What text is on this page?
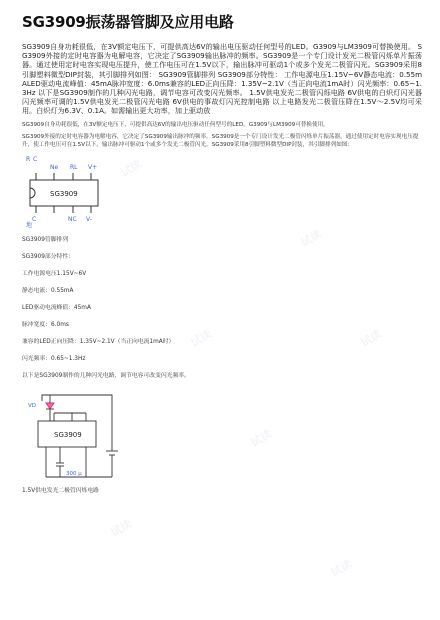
SG3909振荡器管脚及应用电路

SG3909自身功耗很低，在3V额定电压下，可提供高达6V的输出电压驱动任何型号的LED。G3909与LM3909可替换使用。 SG3909外接的定时电容器为电解电容，它决定了SG3909输出脉冲的频率。SG3909是一个专门设计发光二极管闪烁单片振荡器。通过使用定时电容实现电压提升，使工作电压可在1.5V以下，输出脉冲可驱动1个或多个发光二极管闪光。SG3909采用8引脚塑料微型DIP封装，其引脚排列如图： SG3909管脚排列 SG3909部分特性： 工作电源电压1.15V~6V静态电流：0.55mALED驱动电流峰值：45mA脉冲宽度：6.0ms兼容的LED正向压降：1.35V~2.1V（当正向电流1mA时）闪光频率：0.65~1.3Hz 以下是SG3909制作的几种闪光电路，调节电容可改变闪光频率。 1.5V供电发光二极管闪烁电路 6V供电的白炽灯闪光器 闪光频率可调的1.5V供电发光二极管闪光电路 6V供电的事故灯闪光控制电路 以上电路发光二极管压降在1.5V～2.5V均可采用。白炽灯为6.3V、0.1A。如需输出更大功率，加上驱动放

SG3909自身功耗很低，在3V额定电压下，可提供高达6V的输出电压驱动任何型号的LED。G3909与LM3909可替换使用。

SG3909外接的定时电容器为电解电容，它决定了SG3909输出脉冲的频率。SG3909是一个专门设计发光二极管闪烁单片振荡器。通过使用定时电容实现电压提升，使工作电压可在1.5V以下，输出脉冲可驱动1个或多个发光二极管闪光。SG3909采用8引脚塑料微型DIP封装，其引脚排列如图：

R C
Ne RL V+
SG3909
C
地
NC V-

SG3909管脚排列

SG3909部分特性：

工作电源电压1.15V~6V

静态电流：0.55mA

LED驱动电流峰值：45mA

脉冲宽度：6.0ms

兼容的LED正向压降：1.35V~2.1V（当正向电流1mA时）

闪光频率：0.65~1.3Hz

以下是SG3909制作的几种闪光电路，调节电容可改变闪光频率。

VD
SG3909
300 μ

1.5V供电发光二极管闪烁电路

试读
试读
试读	试读
试读
试读
试读
